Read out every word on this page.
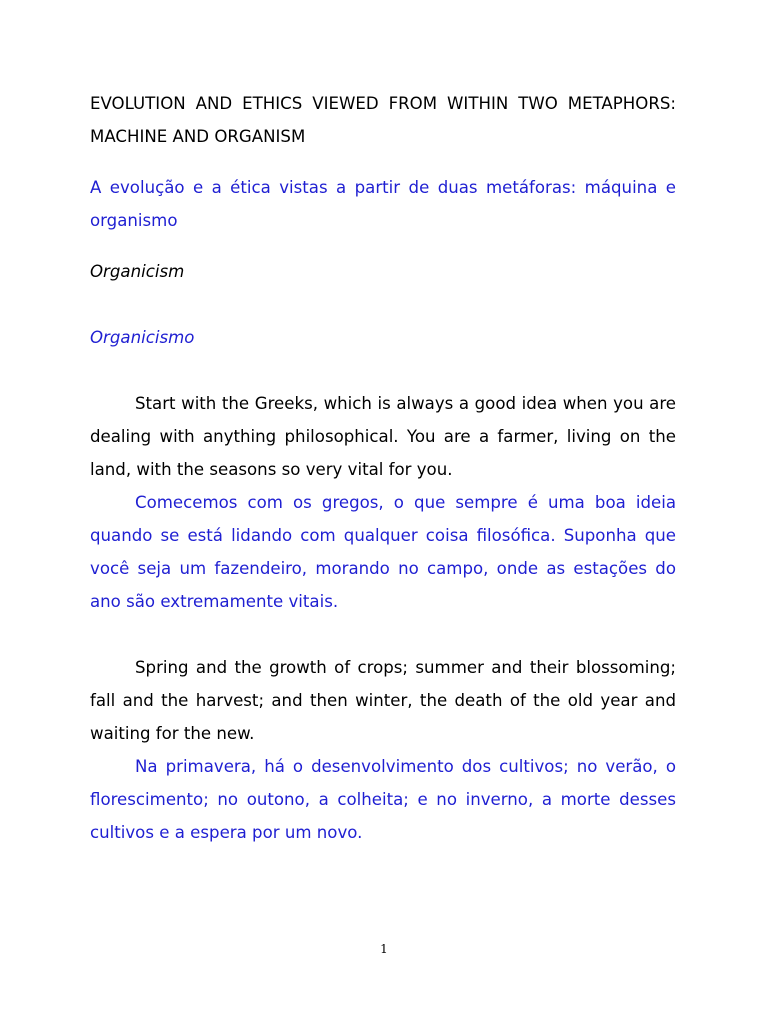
EVOLUTION AND ETHICS VIEWED FROM WITHIN TWO METAPHORS: MACHINE AND ORGANISM

A evolução e a ética vistas a partir de duas metáforas: máquina e organismo

Organicism

Organicismo

Start with the Greeks, which is always a good idea when you are dealing with anything philosophical. You are a farmer, living on the land, with the seasons so very vital for you.

Comecemos com os gregos, o que sempre é uma boa ideia quando se está lidando com qualquer coisa filosófica. Suponha que você seja um fazendeiro, morando no campo, onde as estações do ano são extremamente vitais.

Spring and the growth of crops; summer and their blossoming; fall and the harvest; and then winter, the death of the old year and waiting for the new.

Na primavera, há o desenvolvimento dos cultivos; no verão, o florescimento; no outono, a colheita; e no inverno, a morte desses cultivos e a espera por um novo.

1
